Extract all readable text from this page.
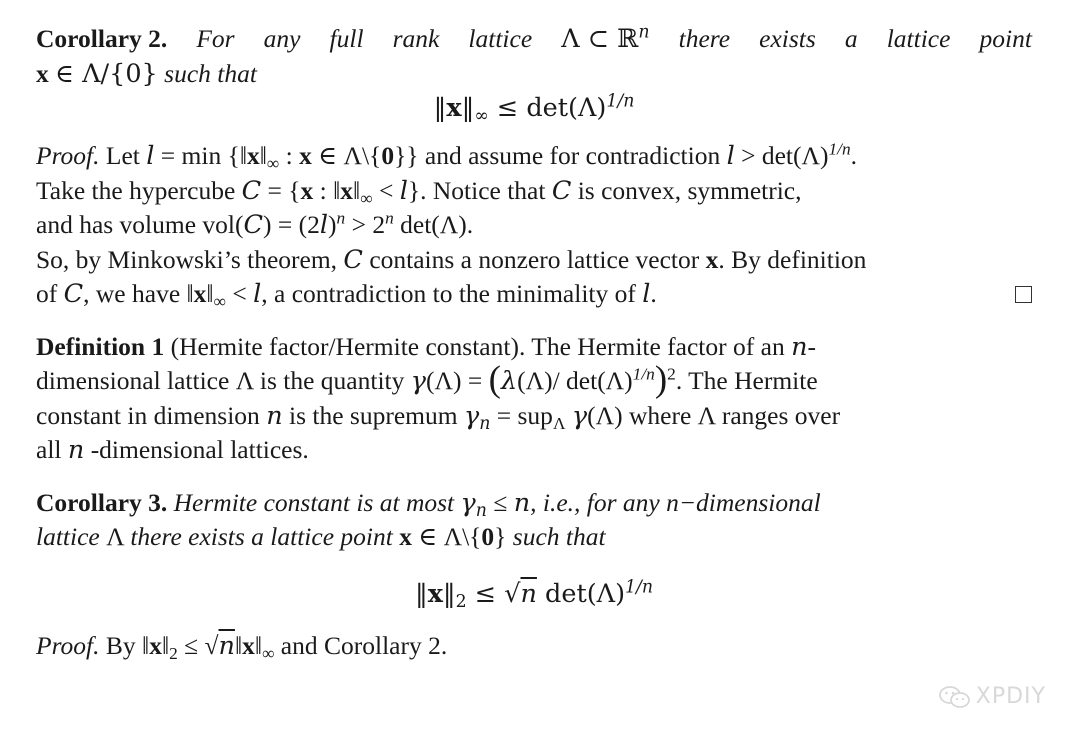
Corollary 2. For any full rank lattice Λ ⊂ ℝ$^n$ there exists a lattice point
x ∈ Λ/{0} such that
$‖x‖_\infty \le \det(\Lambda)^{1/n}$
Proof. Let $l = \min \{‖x‖_\infty$ : x ∈ Λ\{0}} and assume for contradiction $l > \det(\Lambda)^{1/n}$.
Take the hypercube C = {x : $‖x‖_\infty < l$}. Notice that C is convex, symmetric,
and has volume $vol(C) = (2l)^n > 2^n$ det(Λ).
So, by Minkowski’s theorem, C contains a nonzero lattice vector x. By definition
of C, we have $‖x‖_\infty < l$, a contradiction to the minimality of l.
Definition 1 (Hermite factor/Hermite constant). The Hermite factor of an n-
dimensional lattice Λ is the quantity γ(Λ) = (λ(Λ)/ $\det(\Lambda)^{1/n})^2$. The Hermite
constant in dimension n is the supremum $\gamma_n = sup_\Lambda$ γ(Λ) where Λ ranges over
all n -dimensional lattices.
Corollary 3. Hermite constant is at most $\gamma_n \le n$, i.e., for any n−dimensional
lattice Λ there exists a lattice point x ∈ Λ\{0} such that
$‖x‖_2 \le √n$ $\det(\Lambda)^{1/n}$
Proof. By $‖x‖_2$ ≤ $√n‖x‖_\infty$ and Corollary 2.
XPDIY
